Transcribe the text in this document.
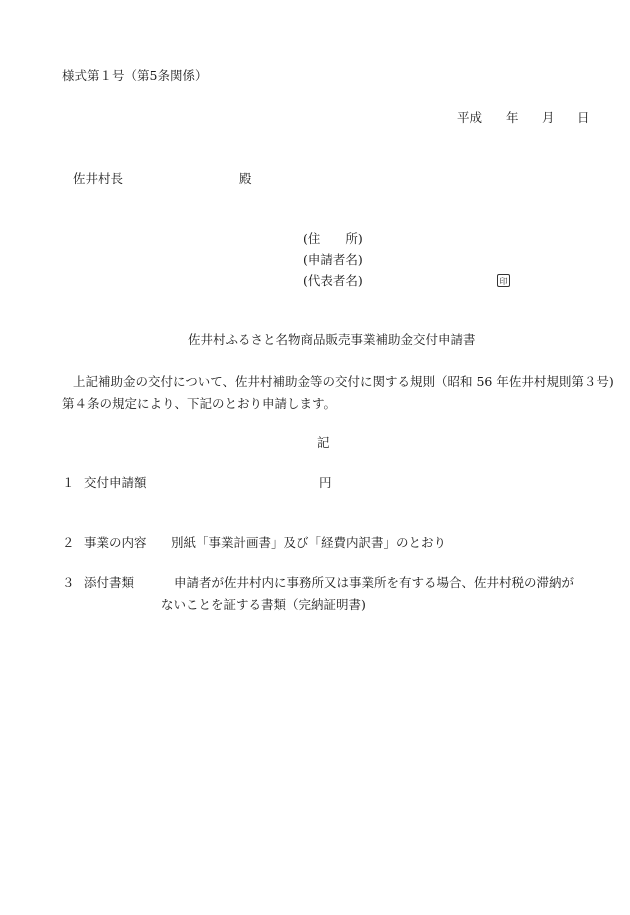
様式第１号（第5条関係）
平成 年 月 日
佐井村長	殿
(住　　所)
(申請者名)
(代表者名)	印
佐井村ふるさと名物商品販売事業補助金交付申請書
上記補助金の交付について、佐井村補助金等の交付に関する規則（昭和 56 年佐井村規則第３号)
第４条の規定により、下記のとおり申請します。
記
１ 交付申請額	円
２ 事業の内容 別紙「事業計画書」及び「経費内訳書」のとおり
３ 添付書類	申請者が佐井村内に事務所又は事業所を有する場合、佐井村税の滞納が
ないことを証する書類（完納証明書)
